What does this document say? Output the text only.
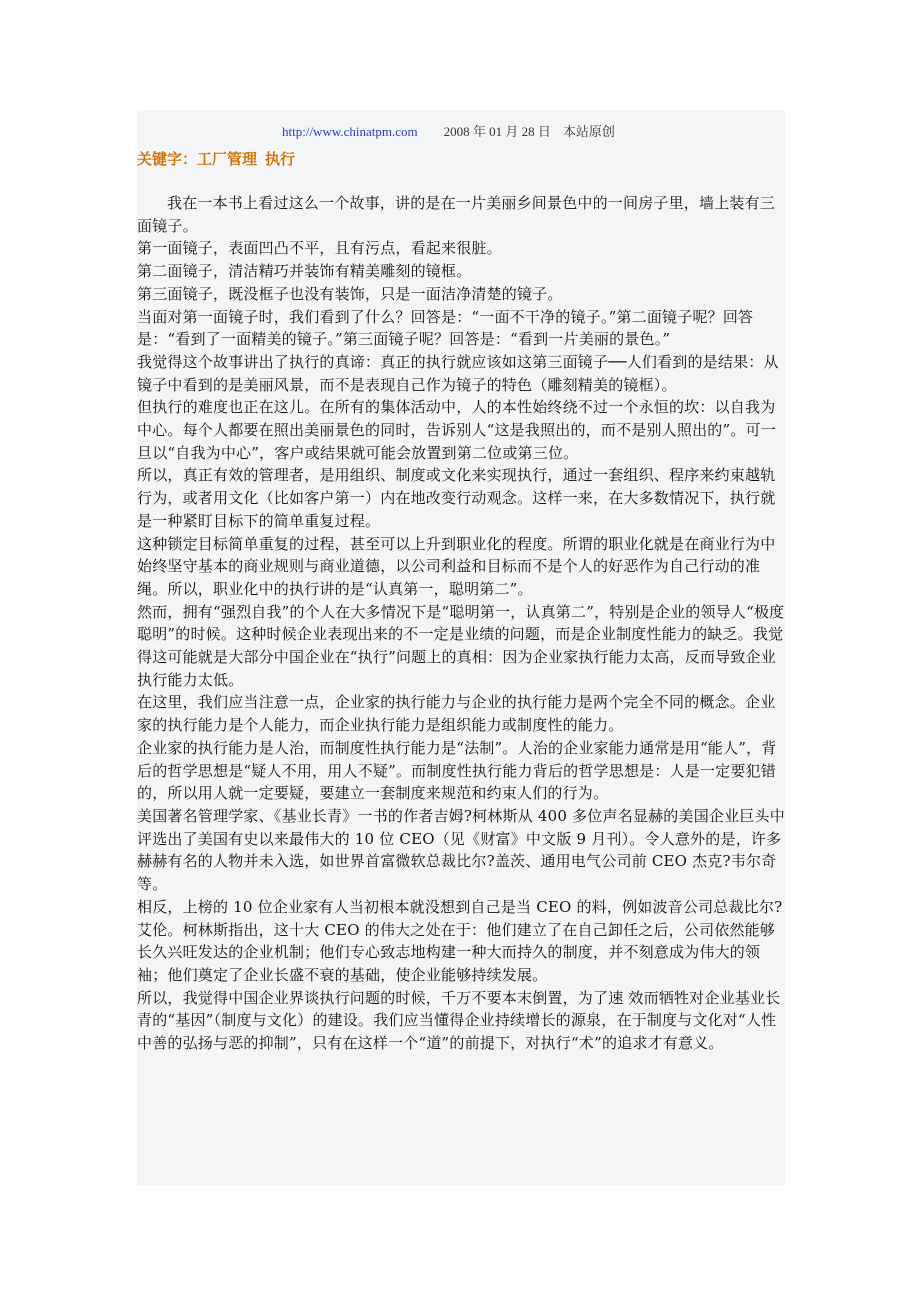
http://www.chinatpm.com 2008 年 01 月 28 日 本站原创
关键字：工厂管理 执行

我在一本书上看过这么一个故事，讲的是在一片美丽乡间景色中的一间房子里，墙上装有三面镜子。

第一面镜子，表面凹凸不平，且有污点，看起来很脏。

第二面镜子，清洁精巧并装饰有精美雕刻的镜框。

第三面镜子，既没框子也没有装饰，只是一面洁净清楚的镜子。

当面对第一面镜子时，我们看到了什么？回答是：“一面不干净的镜子。”第二面镜子呢？回答是：“看到了一面精美的镜子。”第三面镜子呢？回答是：“看到一片美丽的景色。”

我觉得这个故事讲出了执行的真谛：真正的执行就应该如这第三面镜子──人们看到的是结果：从镜子中看到的是美丽风景，而不是表现自己作为镜子的特色（雕刻精美的镜框）。

但执行的难度也正在这儿。在所有的集体活动中，人的本性始终绕不过一个永恒的坎：以自我为中心。每个人都要在照出美丽景色的同时，告诉别人“这是我照出的，而不是别人照出的”。可一旦以“自我为中心”，客户或结果就可能会放置到第二位或第三位。

所以，真正有效的管理者，是用组织、制度或文化来实现执行，通过一套组织、程序来约束越轨行为，或者用文化（比如客户第一）内在地改变行动观念。这样一来，在大多数情况下，执行就是一种紧盯目标下的简单重复过程。

这种锁定目标简单重复的过程，甚至可以上升到职业化的程度。所谓的职业化就是在商业行为中始终坚守基本的商业规则与商业道德，以公司利益和目标而不是个人的好恶作为自己行动的准绳。所以，职业化中的执行讲的是“认真第一，聪明第二”。

然而，拥有“强烈自我”的个人在大多情况下是“聪明第一，认真第二”，特别是企业的领导人“极度聪明”的时候。这种时候企业表现出来的不一定是业绩的问题，而是企业制度性能力的缺乏。我觉得这可能就是大部分中国企业在“执行”问题上的真相：因为企业家执行能力太高，反而导致企业执行能力太低。

在这里，我们应当注意一点，企业家的执行能力与企业的执行能力是两个完全不同的概念。企业家的执行能力是个人能力，而企业执行能力是组织能力或制度性的能力。

企业家的执行能力是人治，而制度性执行能力是“法制”。人治的企业家能力通常是用“能人”，背后的哲学思想是“疑人不用，用人不疑”。而制度性执行能力背后的哲学思想是：人是一定要犯错的，所以用人就一定要疑，要建立一套制度来规范和约束人们的行为。

美国著名管理学家、《基业长青》一书的作者吉姆?柯林斯从 400 多位声名显赫的美国企业巨头中评选出了美国有史以来最伟大的 10 位 CEO（见《财富》中文版 9 月刊）。令人意外的是，许多赫赫有名的人物并未入选，如世界首富微软总裁比尔?盖茨、通用电气公司前 CEO 杰克?韦尔奇等。

相反，上榜的 10 位企业家有人当初根本就没想到自己是当 CEO 的料，例如波音公司总裁比尔?艾伦。柯林斯指出，这十大 CEO 的伟大之处在于：他们建立了在自己卸任之后，公司依然能够长久兴旺发达的企业机制；他们专心致志地构建一种大而持久的制度，并不刻意成为伟大的领袖；他们奠定了企业长盛不衰的基础，使企业能够持续发展。

所以，我觉得中国企业界谈执行问题的时候，千万不要本末倒置，为了速 效而牺牲对企业基业长青的“基因”（制度与文化）的建设。我们应当懂得企业持续增长的源泉，在于制度与文化对“人性中善的弘扬与恶的抑制”，只有在这样一个“道”的前提下，对执行“术”的追求才有意义。
